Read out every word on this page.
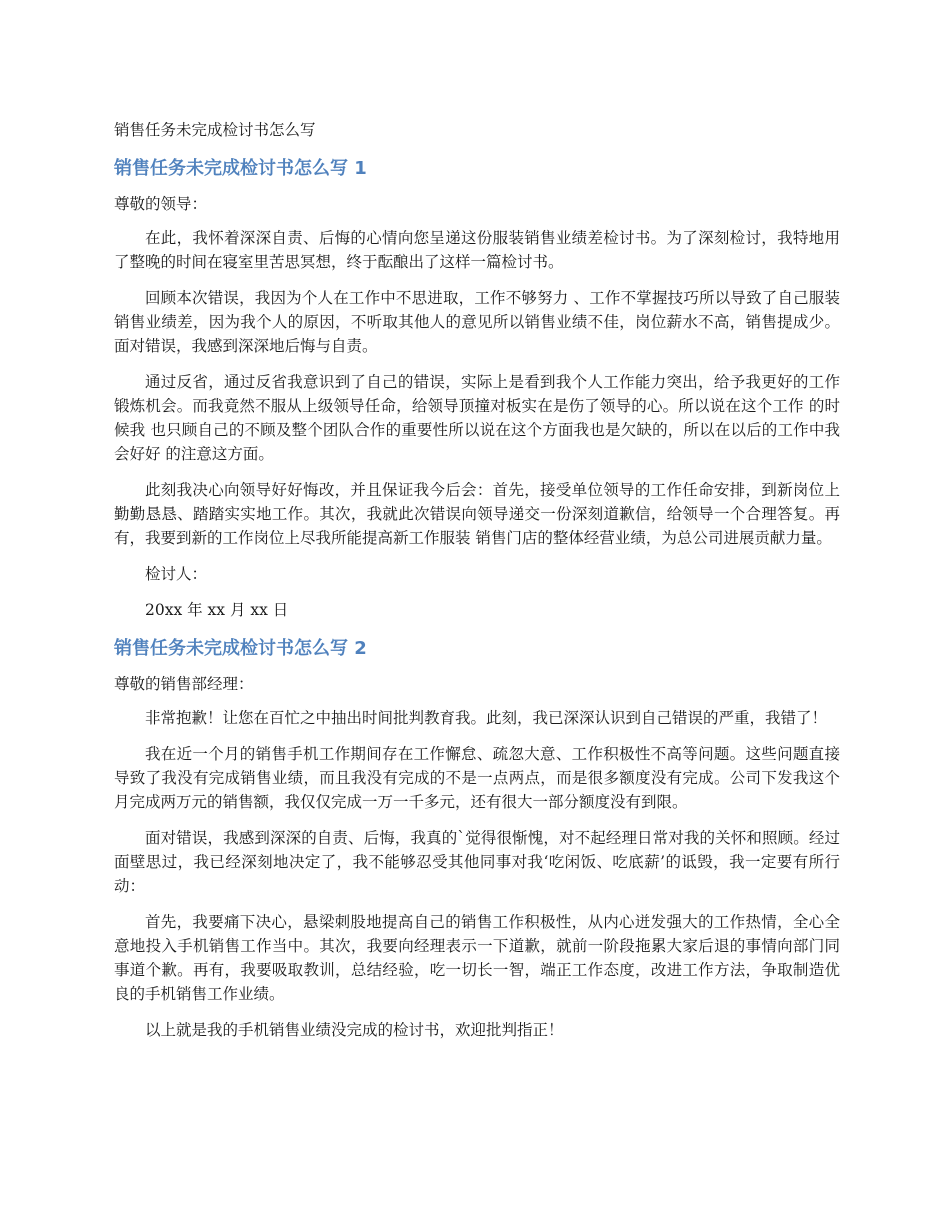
销售任务未完成检讨书怎么写
销售任务未完成检讨书怎么写 1
尊敬的领导：

在此，我怀着深深自责、后悔的心情向您呈递这份服装销售业绩差检讨书。为了深刻检讨，我特地用了整晚的时间在寝室里苦思冥想，终于酝酿出了这样一篇检讨书。

回顾本次错误，我因为个人在工作中不思进取，工作不够努力 、工作不掌握技巧所以导致了自己服装销售业绩差，因为我个人的原因，不听取其他人的意见所以销售业绩不佳，岗位薪水不高，销售提成少。面对错误，我感到深深地后悔与自责。

通过反省，通过反省我意识到了自己的错误，实际上是看到我个人工作能力突出，给予我更好的工作锻炼机会。而我竟然不服从上级领导任命，给领导顶撞对板实在是伤了领导的心。所以说在这个工作 的时候我 也只顾自己的不顾及整个团队合作的重要性所以说在这个方面我也是欠缺的，所以在以后的工作中我会好好 的注意这方面。

此刻我决心向领导好好悔改，并且保证我今后会：首先，接受单位领导的工作任命安排，到新岗位上勤勤恳恳、踏踏实实地工作。其次，我就此次错误向领导递交一份深刻道歉信，给领导一个合理答复。再有，我要到新的工作岗位上尽我所能提高新工作服装 销售门店的整体经营业绩，为总公司进展贡献力量。

检讨人：
20xx 年 xx 月 xx 日
销售任务未完成检讨书怎么写 2
尊敬的销售部经理：

非常抱歉！让您在百忙之中抽出时间批判教育我。此刻，我已深深认识到自己错误的严重，我错了！

我在近一个月的销售手机工作期间存在工作懈怠、疏忽大意、工作积极性不高等问题。这些问题直接导致了我没有完成销售业绩，而且我没有完成的不是一点两点，而是很多额度没有完成。公司下发我这个月完成两万元的销售额，我仅仅完成一万一千多元，还有很大一部分额度没有到限。

面对错误，我感到深深的自责、后悔，我真的`觉得很惭愧，对不起经理日常对我的关怀和照顾。经过面壁思过，我已经深刻地决定了，我不能够忍受其他同事对我‘吃闲饭、吃底薪’的诋毁，我一定要有所行动：

首先，我要痛下决心，悬梁刺股地提高自己的销售工作积极性，从内心迸发强大的工作热情，全心全意地投入手机销售工作当中。其次，我要向经理表示一下道歉，就前一阶段拖累大家后退的事情向部门同事道个歉。再有，我要吸取教训，总结经验，吃一切长一智，端正工作态度，改进工作方法，争取制造优良的手机销售工作业绩。

以上就是我的手机销售业绩没完成的检讨书，欢迎批判指正！
